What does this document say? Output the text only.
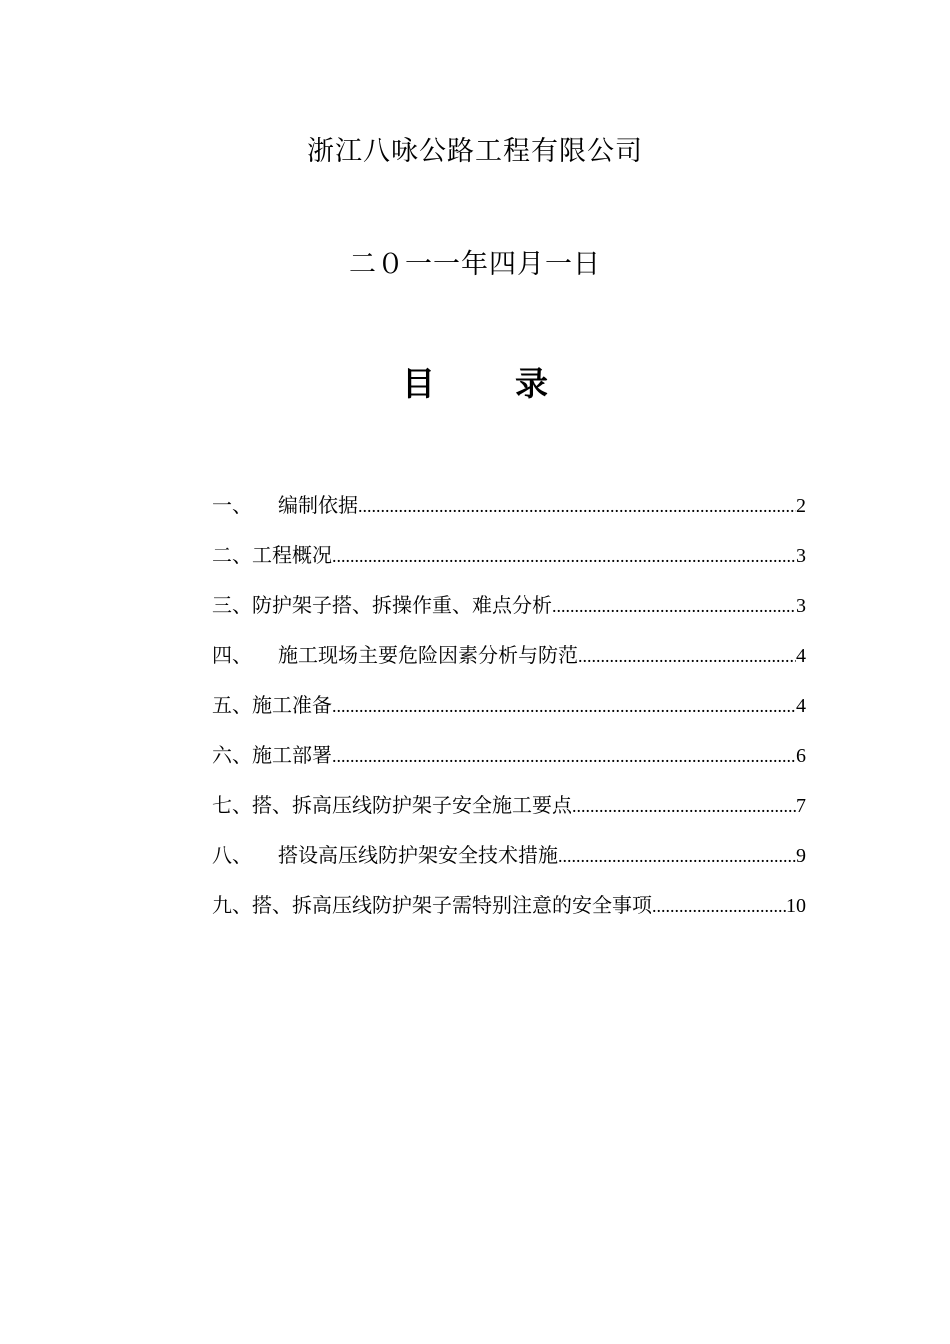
浙江八咏公路工程有限公司
二０一一年四月一日
目 录
一、	编制依据 .....	2
二、 工程概况 .....	3
三、 防护架子搭、拆操作重、难点分析 .....	3
四、	施工现场主要危险因素分析与防范 .....	4
五、 施工准备 .....	4
六、 施工部署 .....	6
七、 搭、拆高压线防护架子安全施工要点 .....	7
八、	搭设高压线防护架安全技术措施 .....	9
九、 搭、拆高压线防护架子需特别注意的安全事项 .....	10
